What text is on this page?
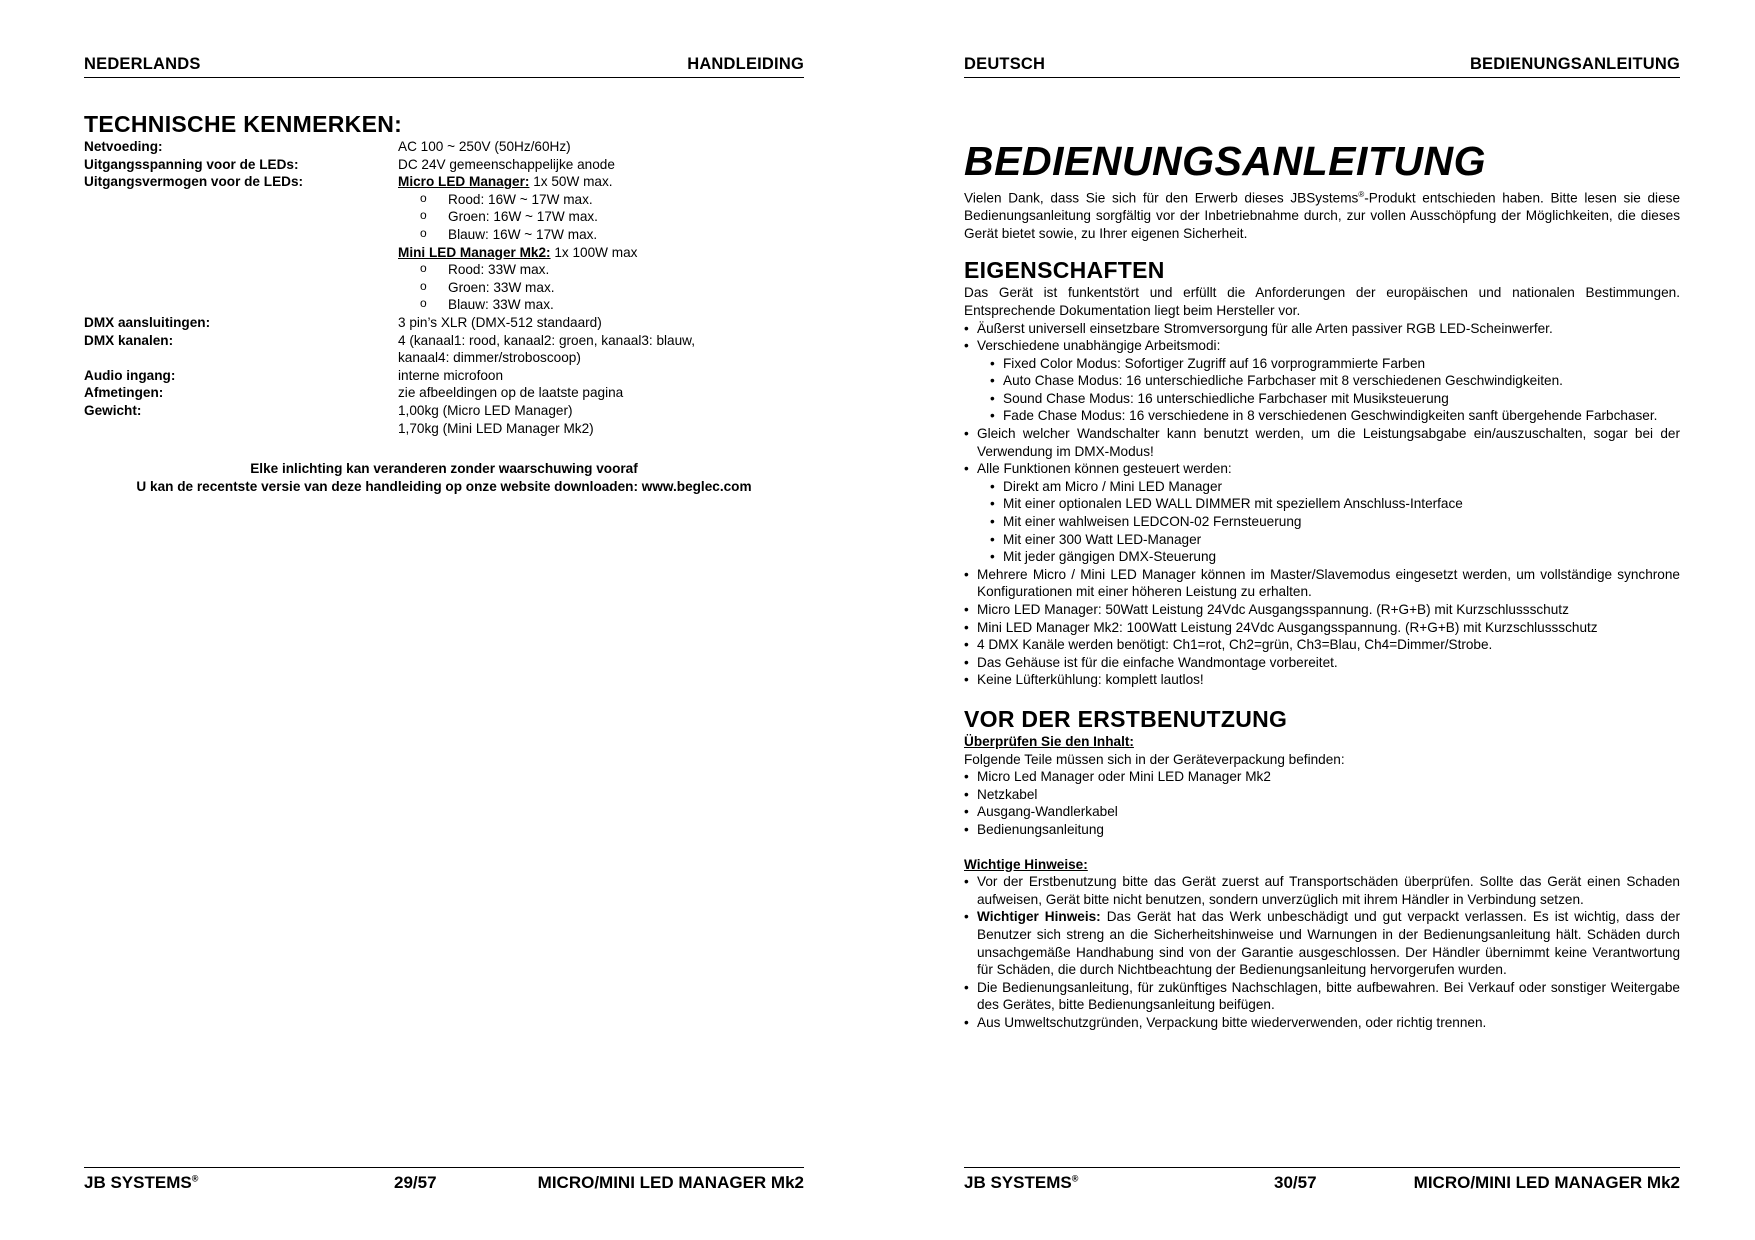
NEDERLANDS	HANDLEIDING
TECHNISCHE KENMERKEN:
Netvoeding:	AC 100 ~ 250V (50Hz/60Hz)
Uitgangsspanning voor de LEDs:	DC 24V gemeenschappelijke anode
Uitgangsvermogen voor de LEDs:	Micro LED Manager: 1x 50W max.
o Rood: 16W ~ 17W max.
o Groen: 16W ~ 17W max.
o Blauw: 16W ~ 17W max.
Mini LED Manager Mk2: 1x 100W max
o Rood: 33W max.
o Groen: 33W max.
o Blauw: 33W max.
DMX aansluitingen:	3 pin’s XLR (DMX-512 standaard)
DMX kanalen:	4 (kanaal1: rood, kanaal2: groen, kanaal3: blauw,
kanaal4: dimmer/stroboscoop)
Audio ingang:	interne microfoon
Afmetingen:	zie afbeeldingen op de laatste pagina
Gewicht:	1,00kg (Micro LED Manager)
1,70kg (Mini LED Manager Mk2)
Elke inlichting kan veranderen zonder waarschuwing vooraf
U kan de recentste versie van deze handleiding op onze website downloaden: www.beglec.com
JB SYSTEMS®	29/57	MICRO/MINI LED MANAGER Mk2
DEUTSCH	BEDIENUNGSANLEITUNG
BEDIENUNGSANLEITUNG

Vielen Dank, dass Sie sich für den Erwerb dieses JBSystems®-Produkt entschieden haben. Bitte lesen sie diese Bedienungsanleitung sorgfältig vor der Inbetriebnahme durch, zur vollen Ausschöpfung der Möglichkeiten, die dieses Gerät bietet sowie, zu Ihrer eigenen Sicherheit.

EIGENSCHAFTEN

Das Gerät ist funkentstört und erfüllt die Anforderungen der europäischen und nationalen Bestimmungen. Entsprechende Dokumentation liegt beim Hersteller vor.

• Äußerst universell einsetzbare Stromversorgung für alle Arten passiver RGB LED-Scheinwerfer.
• Verschiedene unabhängige Arbeitsmodi:
• Fixed Color Modus: Sofortiger Zugriff auf 16 vorprogrammierte Farben
• Auto Chase Modus: 16 unterschiedliche Farbchaser mit 8 verschiedenen Geschwindigkeiten.
• Sound Chase Modus: 16 unterschiedliche Farbchaser mit Musiksteuerung
• Fade Chase Modus: 16 verschiedene in 8 verschiedenen Geschwindigkeiten sanft übergehende Farbchaser.
• Gleich welcher Wandschalter kann benutzt werden, um die Leistungsabgabe ein/auszuschalten, sogar bei der Verwendung im DMX-Modus!
• Alle Funktionen können gesteuert werden:
• Direkt am Micro / Mini LED Manager
• Mit einer optionalen LED WALL DIMMER mit speziellem Anschluss-Interface
• Mit einer wahlweisen LEDCON-02 Fernsteuerung
• Mit einer 300 Watt LED-Manager
• Mit jeder gängigen DMX-Steuerung
• Mehrere Micro / Mini LED Manager können im Master/Slavemodus eingesetzt werden, um vollständige synchrone Konfigurationen mit einer höheren Leistung zu erhalten.
• Micro LED Manager: 50Watt Leistung 24Vdc Ausgangsspannung. (R+G+B) mit Kurzschlussschutz
• Mini LED Manager Mk2: 100Watt Leistung 24Vdc Ausgangsspannung. (R+G+B) mit Kurzschlussschutz
• 4 DMX Kanäle werden benötigt: Ch1=rot, Ch2=grün, Ch3=Blau, Ch4=Dimmer/Strobe.
• Das Gehäuse ist für die einfache Wandmontage vorbereitet.
• Keine Lüfterkühlung: komplett lautlos!
VOR DER ERSTBENUTZUNG
Überprüfen Sie den Inhalt:

Folgende Teile müssen sich in der Geräteverpackung befinden:

• Micro Led Manager oder Mini LED Manager Mk2
• Netzkabel
• Ausgang-Wandlerkabel
• Bedienungsanleitung
Wichtige Hinweise:
• Vor der Erstbenutzung bitte das Gerät zuerst auf Transportschäden überprüfen. Sollte das Gerät einen Schaden aufweisen, Gerät bitte nicht benutzen, sondern unverzüglich mit ihrem Händler in Verbindung setzen.
• Wichtiger Hinweis: Das Gerät hat das Werk unbeschädigt und gut verpackt verlassen. Es ist wichtig, dass der Benutzer sich streng an die Sicherheitshinweise und Warnungen in der Bedienungsanleitung hält. Schäden durch unsachgemäße Handhabung sind von der Garantie ausgeschlossen. Der Händler übernimmt keine Verantwortung für Schäden, die durch Nichtbeachtung der Bedienungsanleitung hervorgerufen wurden.
• Die Bedienungsanleitung, für zukünftiges Nachschlagen, bitte aufbewahren. Bei Verkauf oder sonstiger Weitergabe des Gerätes, bitte Bedienungsanleitung beifügen.
• Aus Umweltschutzgründen, Verpackung bitte wiederverwenden, oder richtig trennen.
JB SYSTEMS®	30/57	MICRO/MINI LED MANAGER Mk2
